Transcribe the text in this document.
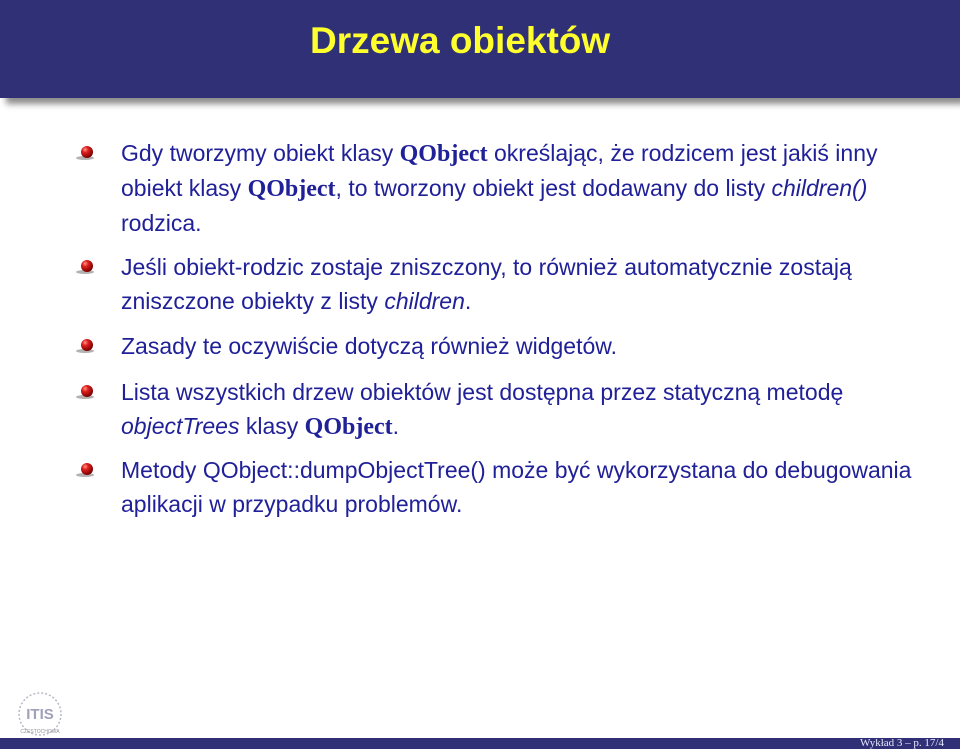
Drzewa obiektów
Gdy tworzymy obiekt klasy QObject określając, że rodzicem jest jakiś inny obiekt klasy QObject, to tworzony obiekt jest dodawany do listy children() rodzica.
Jeśli obiekt-rodzic zostaje zniszczony, to również automatycznie zostają zniszczone obiekty z listy children.
Zasady te oczywiście dotyczą również widgetów.
Lista wszystkich drzew obiektów jest dostępna przez statyczną metodę objectTrees klasy QObject.
Metody QObject::dumpObjectTree() może być wykorzystana do debugowania aplikacji w przypadku problemów.
ITIS
CZESTOCHOWA
Wykład 3 – p. 17/4
